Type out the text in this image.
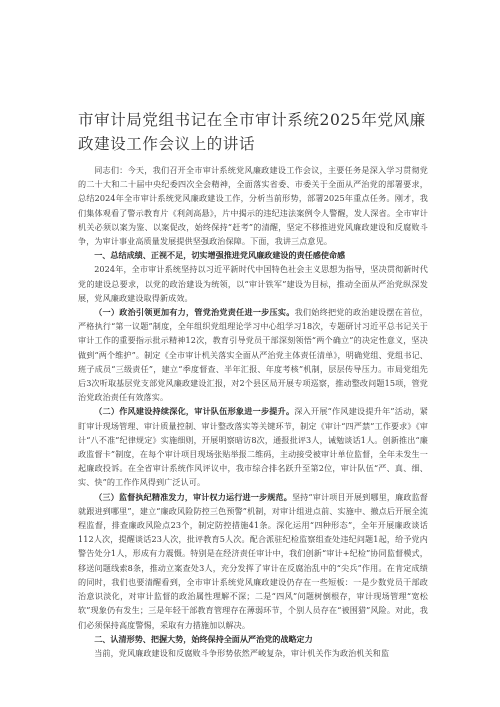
市审计局党组书记在全市审计系统2025年党风廉政建设工作会议上的讲话

同志们：今天，我们召开全市审计系统党风廉政建设工作会议，主要任务是深入学习贯彻党的二十大和二十届中央纪委四次全会精神，全面落实省委、市委关于全面从严治党的部署要求，总结2024年全市审计系统党风廉政建设工作，分析当前形势，部署2025年重点任务。刚才，我们集体观看了警示教育片《利剑高悬》，片中揭示的违纪违法案例令人警醒，发人深省。全市审计机关必须以案为鉴、以案促改，始终保持“赶考”的清醒，坚定不移推进党风廉政建设和反腐败斗争，为审计事业高质量发展提供坚强政治保障。下面，我讲三点意见。

一、总结成绩、正视不足，切实增强推进党风廉政建设的责任感使命感

2024年，全市审计系统坚持以习近平新时代中国特色社会主义思想为指导，坚决贯彻新时代党的建设总要求，以党的政治建设为统领，以“审计铁军”建设为目标，推动全面从严治党纵深发展，党风廉政建设取得新成效。

（一）政治引领更加有力，管党治党责任进一步压实。我们始终把党的政治建设摆在首位，严格执行“第一议题”制度，全年组织党组理论学习中心组学习18次，专题研讨习近平总书记关于审计工作的重要指示批示精神12次，教育引导党员干部深刻领悟“两个确立”的决定性意义，坚决做到“两个维护”。制定《全市审计机关落实全面从严治党主体责任清单》，明确党组、党组书记、班子成员“三级责任”，建立“季度督查、半年汇报、年度考核”机制，层层传导压力。市局党组先后3次听取基层党支部党风廉政建设汇报，对2个县区局开展专项巡察，推动整改问题15项，管党治党政治责任有效落实。

（二）作风建设持续深化，审计队伍形象进一步提升。深入开展“作风建设提升年”活动，紧盯审计现场管理、审计质量控制、审计整改落实等关键环节，制定《审计“四严禁”工作要求》《审计“八不准”纪律规定》实施细则，开展明察暗访8次，通报批评3人，诫勉谈话1人。创新推出“廉政监督卡”制度，在每个审计项目现场张贴举报二维码，主动接受被审计单位监督，全年未发生一起廉政投诉。在全省审计系统作风评议中，我市综合排名跃升至第2位，审计队伍“严、真、细、实、快”的工作作风得到广泛认可。

（三）监督执纪精准发力，审计权力运行进一步规范。坚持“审计项目开展到哪里，廉政监督就跟进到哪里”，建立“廉政风险防控三色预警”机制，对审计组进点前、实施中、撤点后开展全流程监督，排查廉政风险点23个，制定防控措施41条。深化运用“四种形态”，全年开展廉政谈话112人次，提醒谈话23人次，批评教育5人次。配合派驻纪检监察组查处违纪问题1起，给予党内警告处分1人，形成有力震慑。特别是在经济责任审计中，我们创新“审计+纪检”协同监督模式，移送问题线索8条，推动立案查处3人，充分发挥了审计在反腐治乱中的“尖兵”作用。在肯定成绩的同时，我们也要清醒看到，全市审计系统党风廉政建设仍存在一些短板：一是少数党员干部政治意识淡化，对审计监督的政治属性理解不深；二是“四风”问题树倒根存，审计现场管理“宽松软”现象仍有发生；三是年轻干部教育管理存在薄弱环节，个别人员存在“被围猎”风险。对此，我们必须保持高度警惕，采取有力措施加以解决。

二、认清形势、把握大势，始终保持全面从严治党的战略定力

当前，党风廉政建设和反腐败斗争形势依然严峻复杂，审计机关作为政治机关和监
